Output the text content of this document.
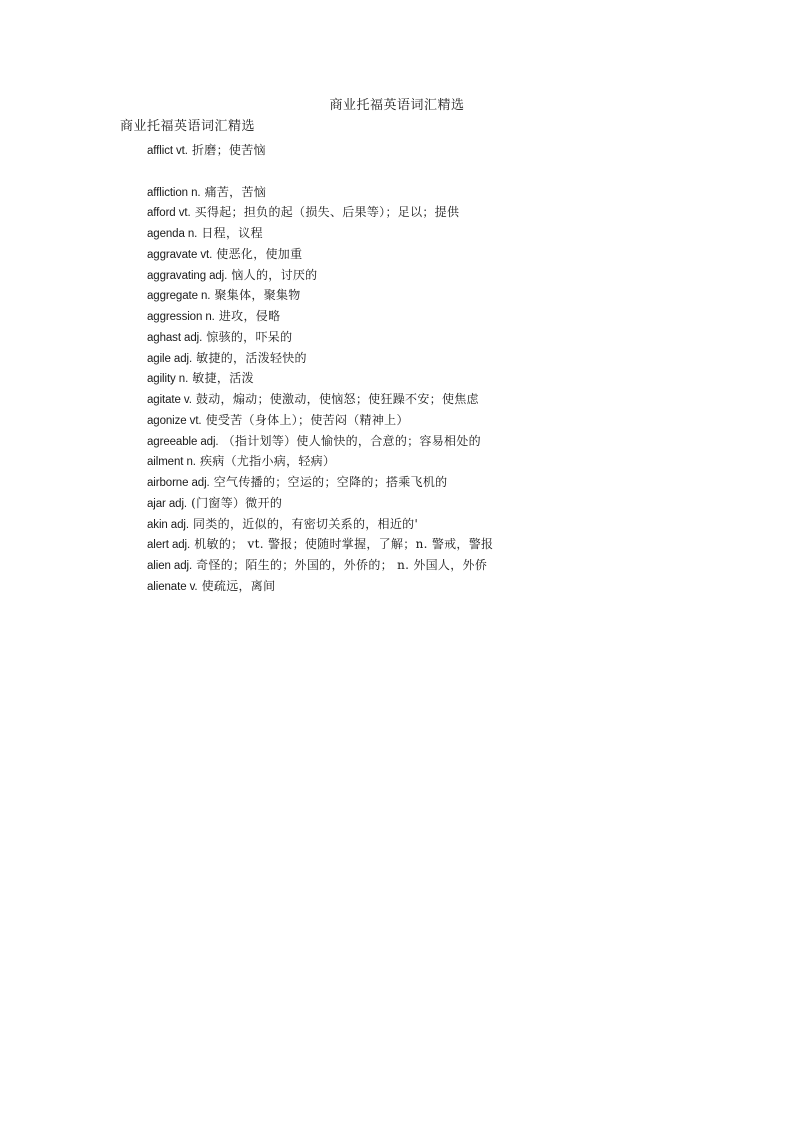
商业托福英语词汇精选
商业托福英语词汇精选
afflict vt. 折磨；使苦恼
affliction n. 痛苦，苦恼
afford vt. 买得起；担负的起（损失、后果等）；足以；提供
agenda n. 日程，议程
aggravate vt. 使恶化，使加重
aggravating adj. 恼人的，讨厌的
aggregate n. 聚集体，聚集物
aggression n. 进攻，侵略
aghast adj. 惊骇的，吓呆的
agile adj. 敏捷的，活泼轻快的
agility n. 敏捷，活泼
agitate v. 鼓动，煽动；使激动，使恼怒；使狂躁不安；使焦虑
agonize vt. 使受苦（身体上）；使苦闷（精神上）
agreeable adj. （指计划等）使人愉快的，合意的；容易相处的
ailment n. 疾病（尤指小病，轻病）
airborne adj. 空气传播的；空运的；空降的；搭乘飞机的
ajar adj. (门窗等）微开的
akin adj. 同类的，近似的，有密切关系的，相近的'
alert adj. 机敏的； vt. 警报；使随时掌握，了解；n. 警戒，警报
alien adj. 奇怪的；陌生的；外国的，外侨的； n. 外国人，外侨
alienate v. 使疏远，离间
